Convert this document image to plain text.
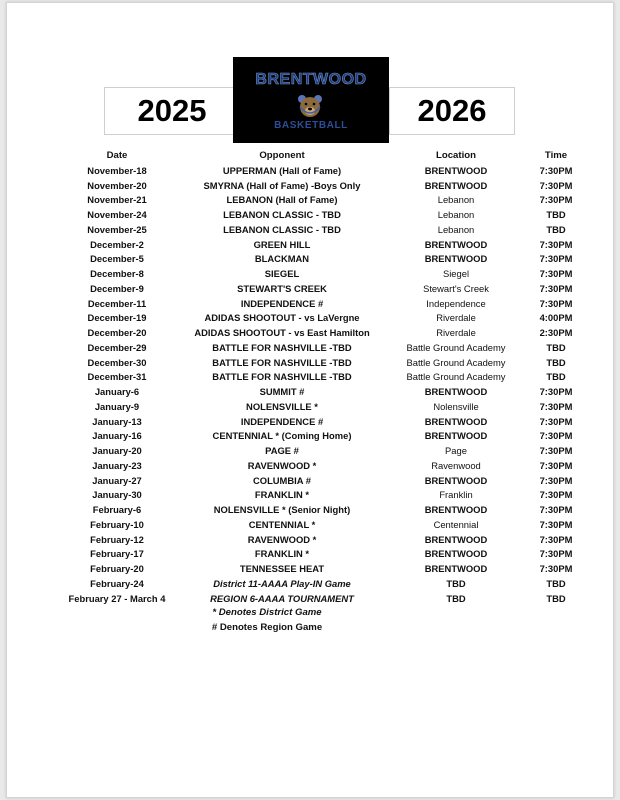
2025	2026
BRENTWOOD
BASKETBALL
Date	Opponent	Location	Time
November-18	UPPERMAN (Hall of Fame)	BRENTWOOD	7:30PM
November-20	SMYRNA (Hall of Fame) -Boys Only	BRENTWOOD	7:30PM
November-21	LEBANON (Hall of Fame)	Lebanon	7:30PM
November-24	LEBANON CLASSIC - TBD	Lebanon	TBD
November-25	LEBANON CLASSIC - TBD	Lebanon	TBD
December-2	GREEN HILL	BRENTWOOD	7:30PM
December-5	BLACKMAN	BRENTWOOD	7:30PM
December-8	SIEGEL	Siegel	7:30PM
December-9	STEWART'S CREEK	Stewart's Creek	7:30PM
December-11	INDEPENDENCE #	Independence	7:30PM
December-19	ADIDAS SHOOTOUT - vs LaVergne	Riverdale	4:00PM
December-20	ADIDAS SHOOTOUT - vs East Hamilton	Riverdale	2:30PM
December-29	BATTLE FOR NASHVILLE -TBD	Battle Ground Academy	TBD
December-30	BATTLE FOR NASHVILLE -TBD	Battle Ground Academy	TBD
December-31	BATTLE FOR NASHVILLE -TBD	Battle Ground Academy	TBD
January-6	SUMMIT #	BRENTWOOD	7:30PM
January-9	NOLENSVILLE *	Nolensville	7:30PM
January-13	INDEPENDENCE #	BRENTWOOD	7:30PM
January-16	CENTENNIAL * (Coming Home)	BRENTWOOD	7:30PM
January-20	PAGE #	Page	7:30PM
January-23	RAVENWOOD *	Ravenwood	7:30PM
January-27	COLUMBIA #	BRENTWOOD	7:30PM
January-30	FRANKLIN *	Franklin	7:30PM
February-6	NOLENSVILLE * (Senior Night)	BRENTWOOD	7:30PM
February-10	CENTENNIAL *	Centennial	7:30PM
February-12	RAVENWOOD *	BRENTWOOD	7:30PM
February-17	FRANKLIN *	BRENTWOOD	7:30PM
February-20	TENNESSEE HEAT	BRENTWOOD	7:30PM
February-24	District 11-AAAA Play-IN Game	TBD	TBD
February 27 - March 4	REGION 6-AAAA TOURNAMENT	TBD	TBD
* Denotes District Game
# Denotes Region Game
